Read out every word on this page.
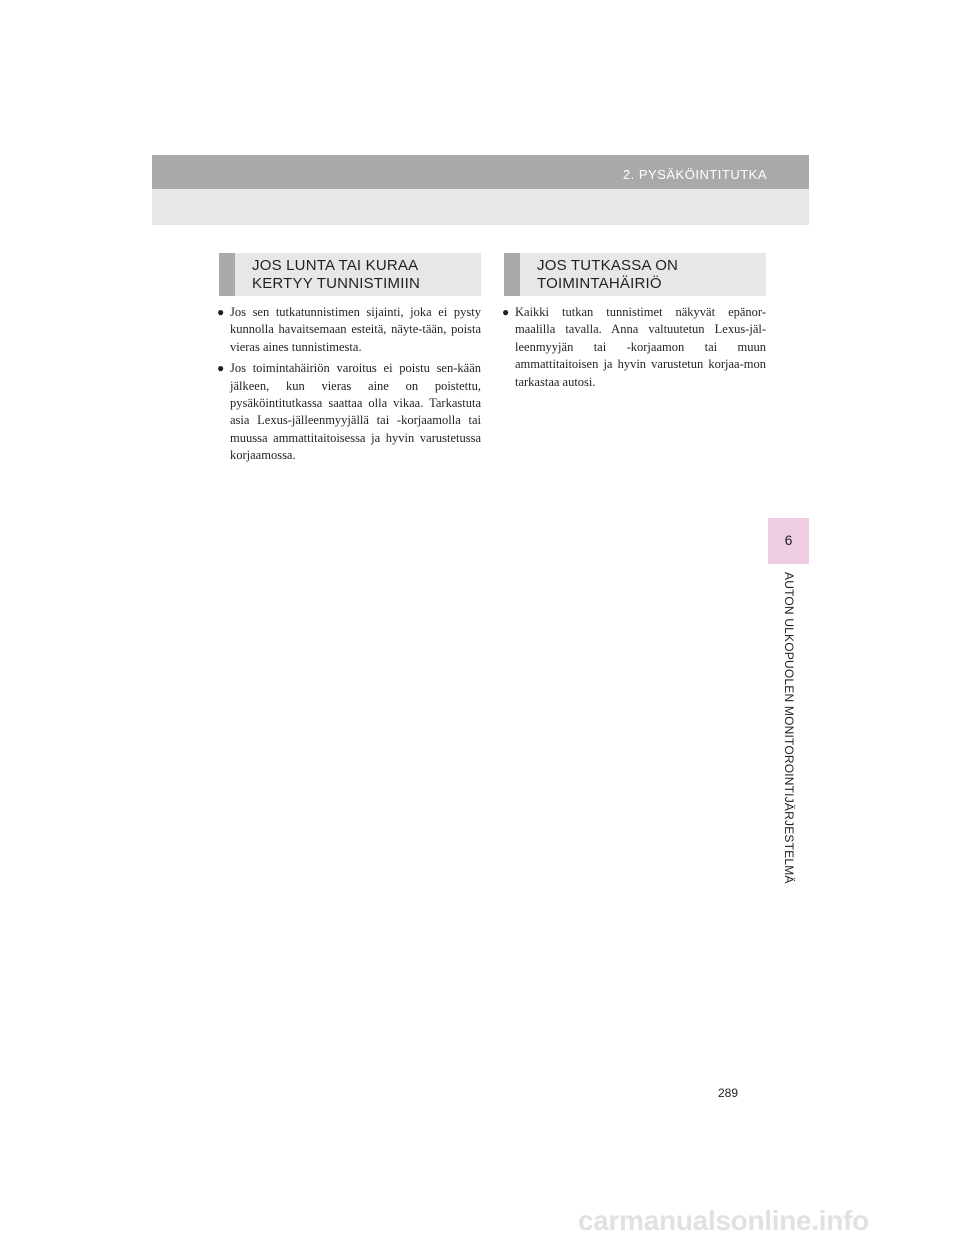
2. PYSÄKÖINTITUTKA
6
AUTON ULKOPUOLEN MONITOROINTIJÄRJESTELMÄ
JOS LUNTA TAI KURAA
KERTYY TUNNISTIMIIN
JOS TUTKASSA ON
TOIMINTAHÄIRIÖ

● Jos sen tutkatunnistimen sijainti, joka ei pysty kunnolla havaitsemaan esteitä, näyte-tään, poista vieras aines tunnistimesta.

● Jos toimintahäiriön varoitus ei poistu sen-kään jälkeen, kun vieras aine on poistettu, pysäköintitutkassa saattaa olla vikaa. Tarkastuta asia Lexus-jälleenmyyjällä tai -korjaamolla tai muussa ammattitaitoisessa ja hyvin varustetussa korjaamossa.

● Kaikki tutkan tunnistimet näkyvät epänor-maalilla tavalla. Anna valtuutetun Lexus-jäl-leenmyyjän tai -korjaamon tai muun ammattitaitoisen ja hyvin varustetun korjaa-mon tarkastaa autosi.

289
carmanualsonline.info
